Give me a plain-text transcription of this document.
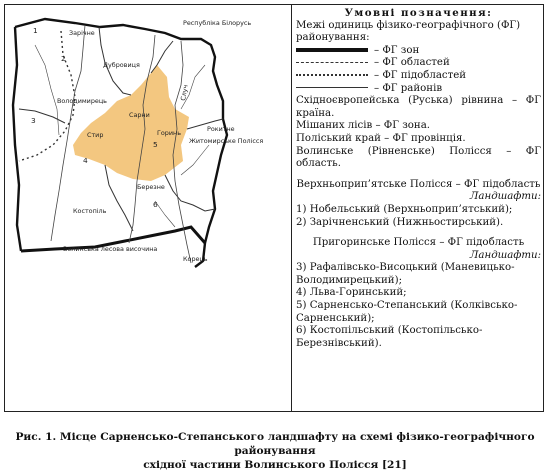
Республіка Білорусь
Зарічне
Дубровиця
Володимирець
Сарни
Рокитне
Житомирське Полісся
Березне
Костопіль
Корець
Волинська лесова височина
Случ
Горинь
Стир
1
2
3
4
5
6
Умовні позначення:
Межі одиниць фізико-географічного (ФГ) районування:
– ФГ зон
– ФГ областей
– ФГ підобластей
– ФГ районів
Східноєвропейська (Руська) рівнина – ФГ країна.
Мішаних лісів – ФГ зона.
Поліський край – ФГ провінція.
Волинське (Рівненське) Полісся – ФГ область.
Верхньоприп’ятське Полісся – ФГ підобласть
Ландшафти:
1) Нобельський (Верхньоприп’ятський);
2) Зарічненський (Нижньостирський).
Пригоринське Полісся – ФГ підобласть
Ландшафти:
3) Рафалівсько-Висоцький (Маневицько-Володимирецький);
4) Льва-Горинський;
5) Сарненсько-Степанський (Колківсько-Сарненський);
6) Костопільський (Костопільсько-Березнівський).
Рис. 1. Місце Сарненсько-Степанського ландшафту на схемі фізико-географічного районування
східної частини Волинського Полісся [21]
